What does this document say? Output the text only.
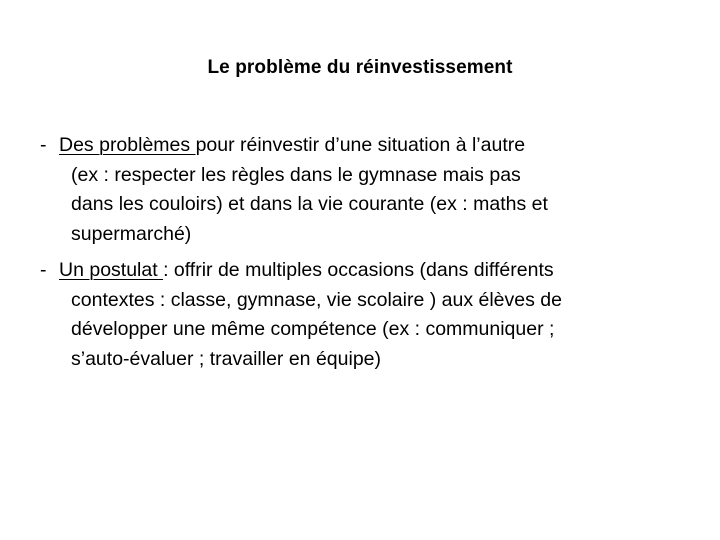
Le problème du réinvestissement
- Des problèmes pour réinvestir d’une situation à l’autre
(ex : respecter les règles dans le gymnase mais pas
dans les couloirs) et dans la vie courante (ex : maths et
supermarché)
- Un postulat : offrir de multiples occasions (dans différents
contextes : classe, gymnase, vie scolaire ) aux élèves de
développer une même compétence (ex : communiquer ;
s’auto-évaluer ; travailler en équipe)
